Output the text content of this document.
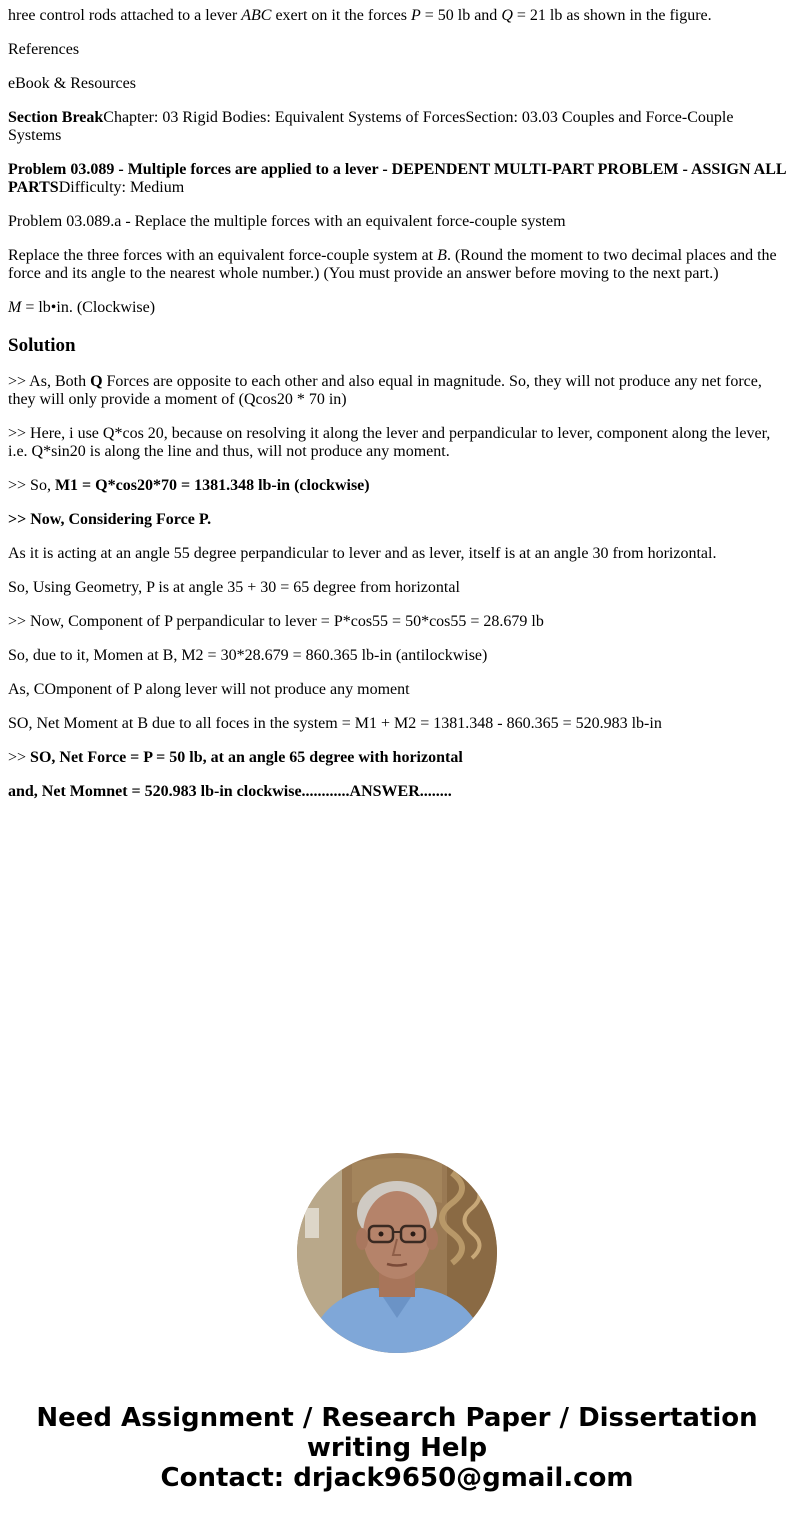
hree control rods attached to a lever ABC exert on it the forces P = 50 lb and Q = 21 lb as shown in the figure.

References

eBook & Resources

Section BreakChapter: 03 Rigid Bodies: Equivalent Systems of ForcesSection: 03.03 Couples and Force-Couple Systems

Problem 03.089 - Multiple forces are applied to a lever - DEPENDENT MULTI-PART PROBLEM - ASSIGN ALL PARTSDifficulty: Medium

Problem 03.089.a - Replace the multiple forces with an equivalent force-couple system

Replace the three forces with an equivalent force-couple system at B. (Round the moment to two decimal places and the force and its angle to the nearest whole number.) (You must provide an answer before moving to the next part.)

M = lb•in. (Clockwise)

Solution

>> As, Both Q Forces are opposite to each other and also equal in magnitude. So, they will not produce any net force, they will only provide a moment of (Qcos20 * 70 in)

>> Here, i use Q*cos 20, because on resolving it along the lever and perpandicular to lever, component along the lever, i.e. Q*sin20 is along the line and thus, will not produce any moment.

>> So, M1 = Q*cos20*70 = 1381.348 lb-in (clockwise)

>> Now, Considering Force P.

As it is acting at an angle 55 degree perpandicular to lever and as lever, itself is at an angle 30 from horizontal.

So, Using Geometry, P is at angle 35 + 30 = 65 degree from horizontal

>> Now, Component of P perpandicular to lever = P*cos55 = 50*cos55 = 28.679 lb

So, due to it, Momen at B, M2 = 30*28.679 = 860.365 lb-in (antilockwise)

As, COmponent of P along lever will not produce any moment

SO, Net Moment at B due to all foces in the system = M1 + M2 = 1381.348 - 860.365 = 520.983 lb-in

>> SO, Net Force = P = 50 lb, at an angle 65 degree with horizontal

and, Net Momnet = 520.983 lb-in clockwise............ANSWER........

Need Assignment / Research Paper / Dissertation
writing Help
Contact: drjack9650@gmail.com
